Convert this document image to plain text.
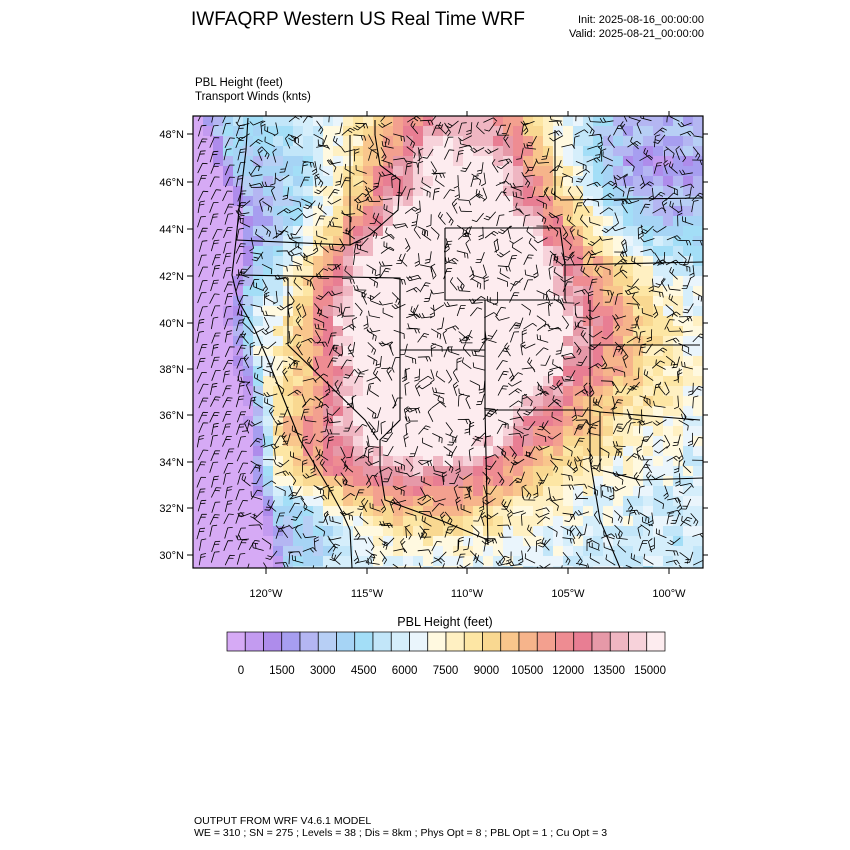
IWFAQRP Western US Real Time WRF	Init: 2025-08-16_00:00:00
Valid: 2025-08-21_00:00:00
PBL Height (feet)
Transport Winds (knts)
48°N
46°N
44°N
42°N
40°N
38°N
36°N
34°N
32°N
30°N
120°W	115°W	110°W	105°W	100°W
0 1500 3000 4500 6000 7500 9000 10500 12000 13500 15000
PBL Height (feet)
OUTPUT FROM WRF V4.6.1 MODEL
WE = 310 ; SN = 275 ; Levels = 38 ; Dis = 8km ; Phys Opt = 8 ; PBL Opt = 1 ; Cu Opt = 3
